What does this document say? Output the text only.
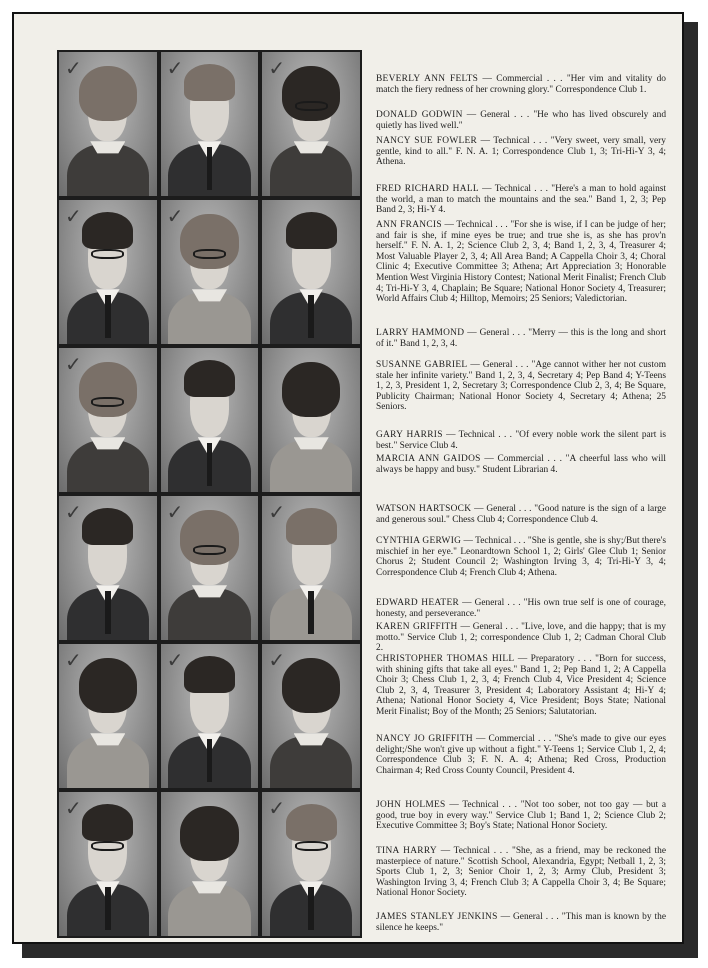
✓	✓	✓
✓	✓
✓
✓	✓	✓
✓	✓	✓
✓	✓

BEVERLY ANN FELTS — Commercial . . . "Her vim and vitality do match the fiery redness of her crowning glory." Correspondence Club 1.

DONALD GODWIN — General . . . "He who has lived obscurely and quietly has lived well."

NANCY SUE FOWLER — Technical . . . "Very sweet, very small, very gentle, kind to all." F. N. A. 1; Correspondence Club 1, 3; Tri-Hi-Y 3, 4; Athena.

FRED RICHARD HALL — Technical . . . "Here's a man to hold against the world, a man to match the mountains and the sea." Band 1, 2, 3; Pep Band 2, 3; Hi-Y 4.

ANN FRANCIS — Technical . . . "For she is wise, if I can be judge of her; and fair is she, if mine eyes be true; and true she is, as she has prov'n herself." F. N. A. 1, 2; Science Club 2, 3, 4; Band 1, 2, 3, 4, Treasurer 4; Most Valuable Player 2, 3, 4; All Area Band; A Cappella Choir 3, 4; Choral Clinic 4; Executive Committee 3; Athena; Art Appreciation 3; Honorable Mention West Virginia History Contest; National Merit Finalist; French Club 4; Tri-Hi-Y 3, 4, Chaplain; Be Square; National Honor Society 4, Treasurer; World Affairs Club 4; Hilltop, Memoirs; 25 Seniors; Valedictorian.

LARRY HAMMOND — General . . . "Merry — this is the long and short of it." Band 1, 2, 3, 4.

SUSANNE GABRIEL — General . . . "Age cannot wither her not custom stale her infinite variety." Band 1, 2, 3, 4, Secretary 4; Pep Band 4; Y-Teens 1, 2, 3, President 1, 2, Secretary 3; Correspondence Club 2, 3, 4; Be Square, Publicity Chairman; National Honor Society 4, Secretary 4; Athena; 25 Seniors.

GARY HARRIS — Technical . . . "Of every noble work the silent part is best." Service Club 4.

MARCIA ANN GAIDOS — Commercial . . . "A cheerful lass who will always be happy and busy." Student Librarian 4.

WATSON HARTSOCK — General . . . "Good nature is the sign of a large and generous soul." Chess Club 4; Correspondence Club 4.

CYNTHIA GERWIG — Technical . . . "She is gentle, she is shy;/But there's mischief in her eye." Leonardtown School 1, 2; Girls' Glee Club 1; Senior Chorus 2; Student Council 2; Washington Irving 3, 4; Tri-Hi-Y 3, 4; Correspondence Club 4; French Club 4; Athena.

EDWARD HEATER — General . . . "His own true self is one of courage, honesty, and perseverance."

KAREN GRIFFITH — General . . . "Live, love, and die happy; that is my motto." Service Club 1, 2; correspondence Club 1, 2; Cadman Choral Club 2.

CHRISTOPHER THOMAS HILL — Preparatory . . . "Born for success, with shining gifts that take all eyes." Band 1, 2; Pep Band 1, 2; A Cappella Choir 3; Chess Club 1, 2, 3, 4; French Club 4, Vice President 4; Science Club 2, 3, 4, Treasurer 3, President 4; Laboratory Assistant 4; Hi-Y 4; Athena; National Honor Society 4, Vice President; Boys State; National Merit Finalist; Boy of the Month; 25 Seniors; Salutatorian.

NANCY JO GRIFFITH — Commercial . . . "She's made to give our eyes delight;/She won't give up without a fight." Y-Teens 1; Service Club 1, 2, 4; Correspondence Club 3; F. N. A. 4; Athena; Red Cross, Production Chairman 4; Red Cross County Council, President 4.

JOHN HOLMES — Technical . . . "Not too sober, not too gay — but a good, true boy in every way." Service Club 1; Band 1, 2; Science Club 2; Executive Committee 3; Boy's State; National Honor Society.

TINA HARRY — Technical . . . "She, as a friend, may be reckoned the masterpiece of nature." Scottish School, Alexandria, Egypt; Netball 1, 2, 3; Sports Club 1, 2, 3; Senior Choir 1, 2, 3; Army Club, President 3; Washington Irving 3, 4; French Club 3; A Cappella Choir 3, 4; Be Square; National Honor Society.

JAMES STANLEY JENKINS — General . . . "This man is known by the silence he keeps."
